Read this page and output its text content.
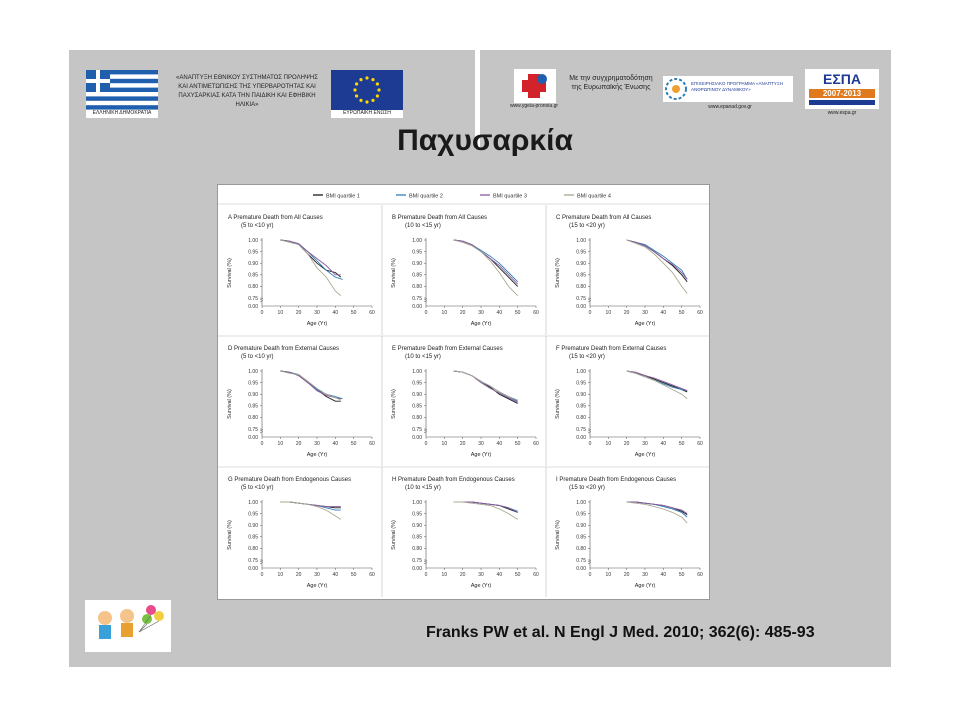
ΕΛΛΗΝΙΚΗ ΔΗΜΟΚΡΑΤΙΑ
«ΑΝΑΠΤΥΞΗ ΕΘΝΙΚΟΥ ΣΥΣΤΗΜΑΤΟΣ ΠΡΟΛΗΨΗΣ ΚΑΙ ΑΝΤΙΜΕΤΩΠΙΣΗΣ ΤΗΣ ΥΠΕΡΒΑΡΟΤΗΤΑΣ ΚΑΙ ΠΑΧΥΣΑΡΚΙΑΣ ΚΑΤΑ ΤΗΝ ΠΑΙΔΙΚΗ ΚΑΙ ΕΦΗΒΙΚΗ ΗΛΙΚΙΑ»
ΕΥΡΩΠΑΪΚΗ ΕΝΩΣΗ
www.ygeia-pronoia.gr
Με την συγχρηματοδότηση της Ευρωπαϊκής Ένωσης
ΕΠΙΧΕΙΡΗΣΙΑΚΟ ΠΡΟΓΡΑΜΜΑ «ΑΝΑΠΤΥΞΗ ΑΝΘΡΩΠΙΝΟΥ ΔΥΝΑΜΙΚΟΥ»
www.epanad.gov.gr
ΕΣΠΑ
2007-2013
www.espa.gr
Παχυσαρκία
BMI quartile 1	BMI quartile 2	BMI quartile 3	BMI quartile 4
A Premature Death from All Causes
(5 to <10 yr)
1.00
0.95
0.90
0.85
0.80
0.75
0.00
0	10	20	30	40	50	60
Age (Yr)
Survival (%)
B Premature Death from All Causes
(10 to <15 yr)
1.00
0.95
0.90
0.85
0.80
0.75
0.00
0	10	20	30	40	50	60
Age (Yr)
Survival (%)
C Premature Death from All Causes
(15 to <20 yr)
1.00
0.95
0.90
0.85
0.80
0.75
0.00
0	10	20	30	40	50	60
Age (Yr)
Survival (%)
D Premature Death from External Causes
(5 to <10 yr)
1.00
0.95
0.90
0.85
0.80
0.75
0.00
0	10	20	30	40	50	60
Age (Yr)
Survival (%)
E Premature Death from External Causes
(10 to <15 yr)
1.00
0.95
0.90
0.85
0.80
0.75
0.00
0	10	20	30	40	50	60
Age (Yr)
Survival (%)
F Premature Death from External Causes
(15 to <20 yr)
1.00
0.95
0.90
0.85
0.80
0.75
0.00
0	10	20	30	40	50	60
Age (Yr)
Survival (%)
G Premature Death from Endogenous Causes
(5 to <10 yr)
1.00
0.95
0.90
0.85
0.80
0.75
0.00
0	10	20	30	40	50	60
Age (Yr)
Survival (%)
H Premature Death from Endogenous Causes
(10 to <15 yr)
1.00
0.95
0.90
0.85
0.80
0.75
0.00
0	10	20	30	40	50	60
Age (Yr)
Survival (%)
I Premature Death from Endogenous Causes
(15 to <20 yr)
1.00
0.95
0.90
0.85
0.80
0.75
0.00
0	10	20	30	40	50	60
Age (Yr)
Survival (%)
Franks PW et al. N Engl J Med. 2010; 362(6): 485-93
